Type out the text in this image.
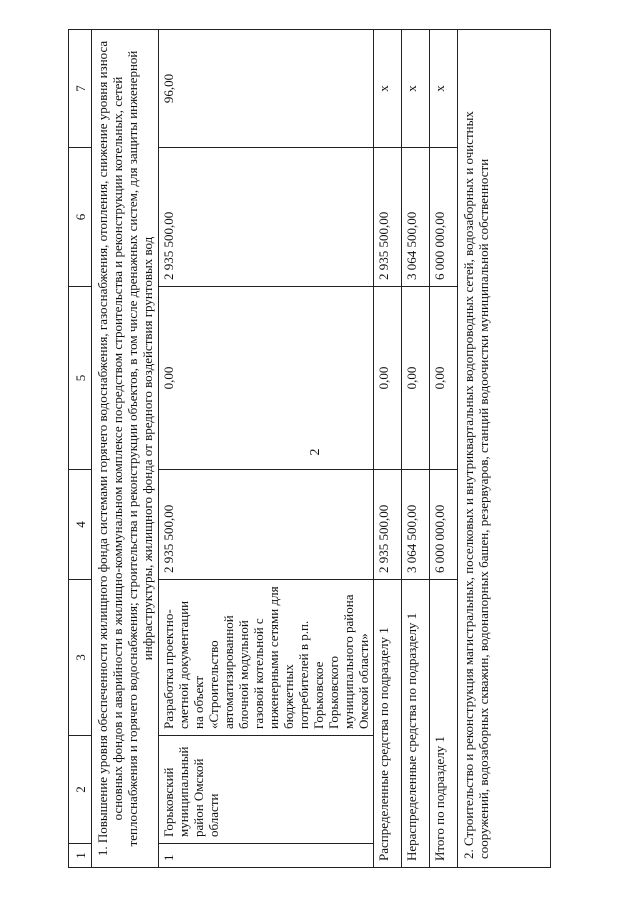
2
1	2	3	4	5	6	7
1. Повышение уровня обеспеченности жилищного фонда системами горячего водоснабжения, газоснабжения, отопления, снижение уровня износа основных фондов и аварийности в жилищно-коммунальном комплексе посредством строительства и реконструкции котельных, сетей теплоснабжения и горячего водоснабжения; строительства и реконструкции объектов, в том числе дренажных систем, для защиты инженерной инфраструктуры, жилищного фонда от вредного воздействия грунтовых вод						
1	Горьковский муниципальный район Омской области	Разработка проектно-сметной документации на объект «Строительство автоматизированной блочной модульной газовой котельной с инженерными сетями для бюджетных потребителей в р.п. Горьковское Горьковского муниципального района Омской области»	2 935 500,00	0,00	2 935 500,00	96,00
Распределенные средства по подразделу 1			2 935 500,00	0,00	2 935 500,00	х
Нераспределенные средства по подразделу 1			3 064 500,00	0,00	3 064 500,00	х
Итого по подразделу 1			6 000 000,00	0,00	6 000 000,00	х
2. Строительство и реконструкция магистральных, поселковых и внутриквартальных водопроводных сетей, водозаборных и очистных сооружений, водозаборных скважин, водонапорных башен, резервуаров, станций водоочистки муниципальной собственности						
